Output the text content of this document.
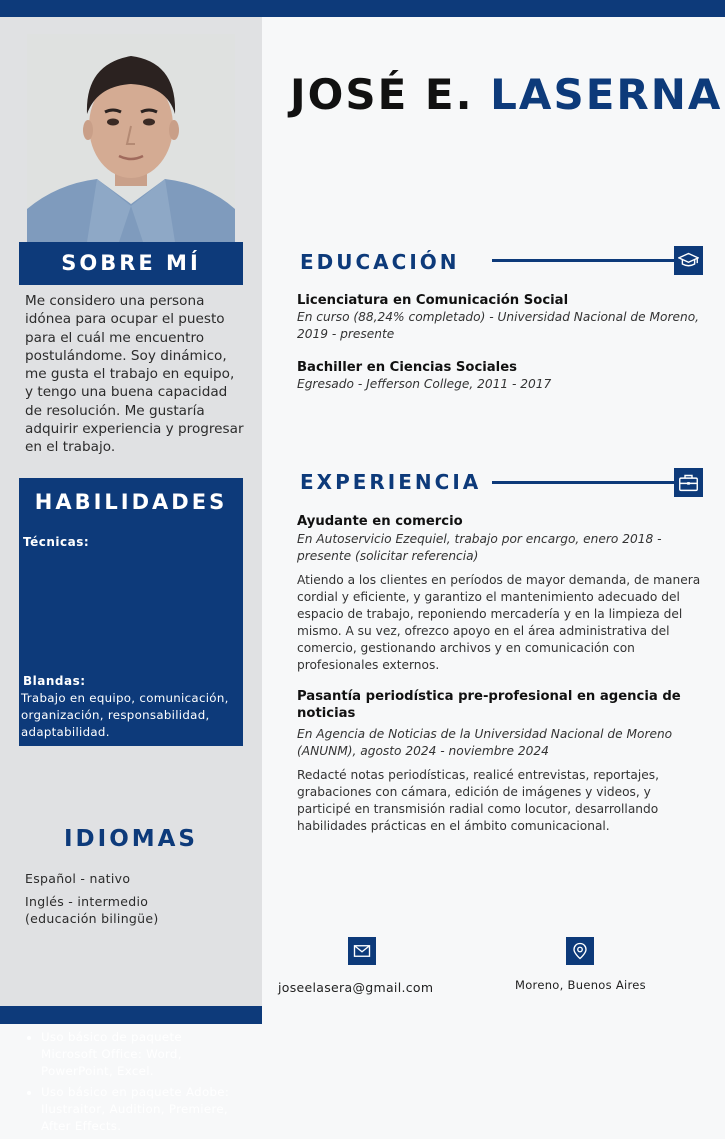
SOBRE MÍ
Me considero una persona idónea para ocupar el puesto para el cuál me encuentro postulándome. Soy dinámico, me gusta el trabajo en equipo, y tengo una buena capacidad de resolución. Me gustaría adquirir experiencia y progresar en el trabajo.
HABILIDADES
Técnicas:
• Uso básico de paquete Microsoft Office: Word, PowerPoint, Excel.
• Uso básico en paquete Adobe: Ilustraitor, Audition, Premiere, After Effects.
Blandas:
Trabajo en equipo, comunicación, organización, responsabilidad, adaptabilidad.
IDIOMAS
Español - nativo
Inglés - intermedio (educación bilingüe)
JOSÉ E. LASERNA
EDUCACIÓN
Licenciatura en Comunicación Social
En curso (88,24% completado) - Universidad Nacional de Moreno, 2019 - presente
Bachiller en Ciencias Sociales
Egresado - Jefferson College, 2011 - 2017
EXPERIENCIA
Ayudante en comercio
En Autoservicio Ezequiel, trabajo por encargo, enero 2018 - presente (solicitar referencia)
Atiendo a los clientes en períodos de mayor demanda, de manera cordial y eficiente, y garantizo el mantenimiento adecuado del espacio de trabajo, reponiendo mercadería y en la limpieza del mismo. A su vez, ofrezco apoyo en el área administrativa del comercio, gestionando archivos y en comunicación con profesionales externos.
Pasantía periodística pre-profesional en agencia de noticias
En Agencia de Noticias de la Universidad Nacional de Moreno (ANUNM), agosto 2024 - noviembre 2024
Redacté notas periodísticas, realicé entrevistas, reportajes, grabaciones con cámara, edición de imágenes y videos, y participé en transmisión radial como locutor, desarrollando habilidades prácticas en el ámbito comunicacional.
joseelasera@gmail.com	Moreno, Buenos Aires
